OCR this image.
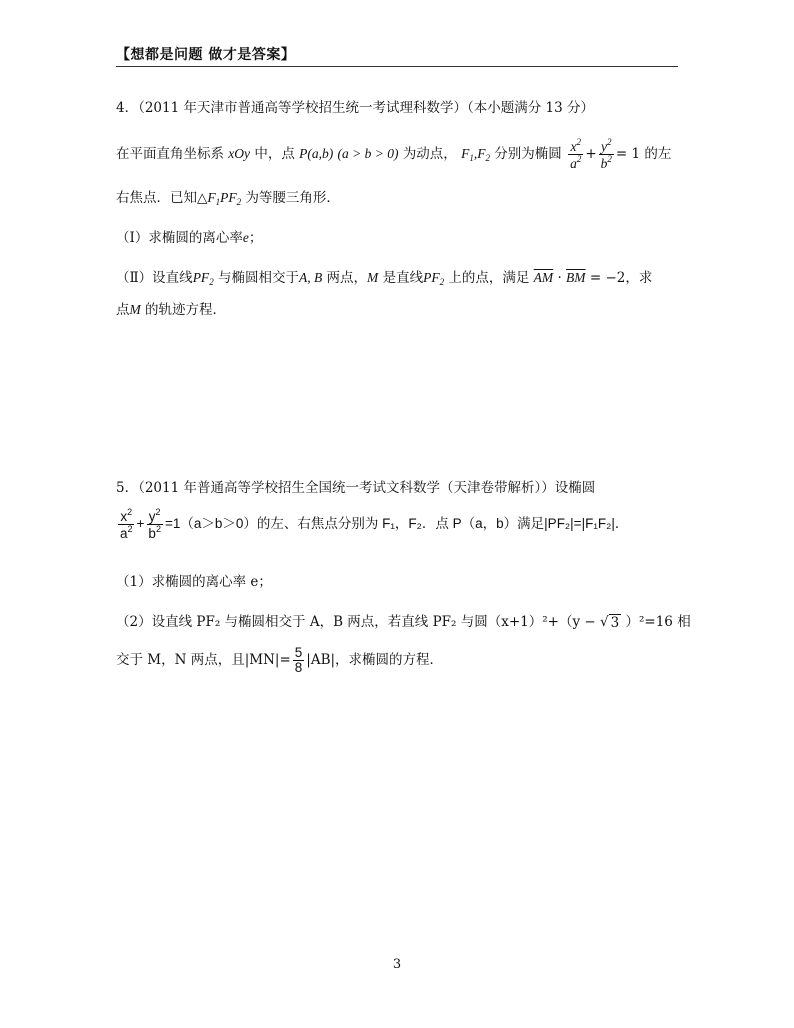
【想都是问题 做才是答案】
4．（2011 年天津市普通高等学校招生统一考试理科数学）（本小题满分 13 分）
在平面直角坐标系 xOy 中，点 P(a,b) (a > b > 0) 为动点， $F_1,F_2$ 分别为椭圆 $\frac{x^2}{a^2} + \frac{y^2}{b^2} = 1$ 的左
右焦点．已知$\triangle F_1PF_2$ 为等腰三角形．
（Ⅰ）求椭圆的离心率e；
（Ⅱ）设直线$PF_2$ 与椭圆相交于A, B 两点，M 是直线$PF_2$ 上的点，满足 $\overline{AM} \cdot \overline{BM} = -2$，求
点M 的轨迹方程．
5．（2011 年普通高等学校招生全国统一考试文科数学（天津卷带解析））设椭圆
$\frac{x^2}{a^2} + \frac{y^2}{b^2} =1(a>b>0)$的左、右焦点分别为 F₁，F₂．点 P（a，b）满足|PF₂|=|F₁F₂|．
（1）求椭圆的离心率 e；
（2）设直线 PF₂ 与椭圆相交于 A，B 两点，若直线 PF₂ 与圆（x+1）²+（y − √ 3 ）²=16 相
交于 M，N 两点，且$|MN|= \frac{5}{8} |AB|$，求椭圆的方程．
3
